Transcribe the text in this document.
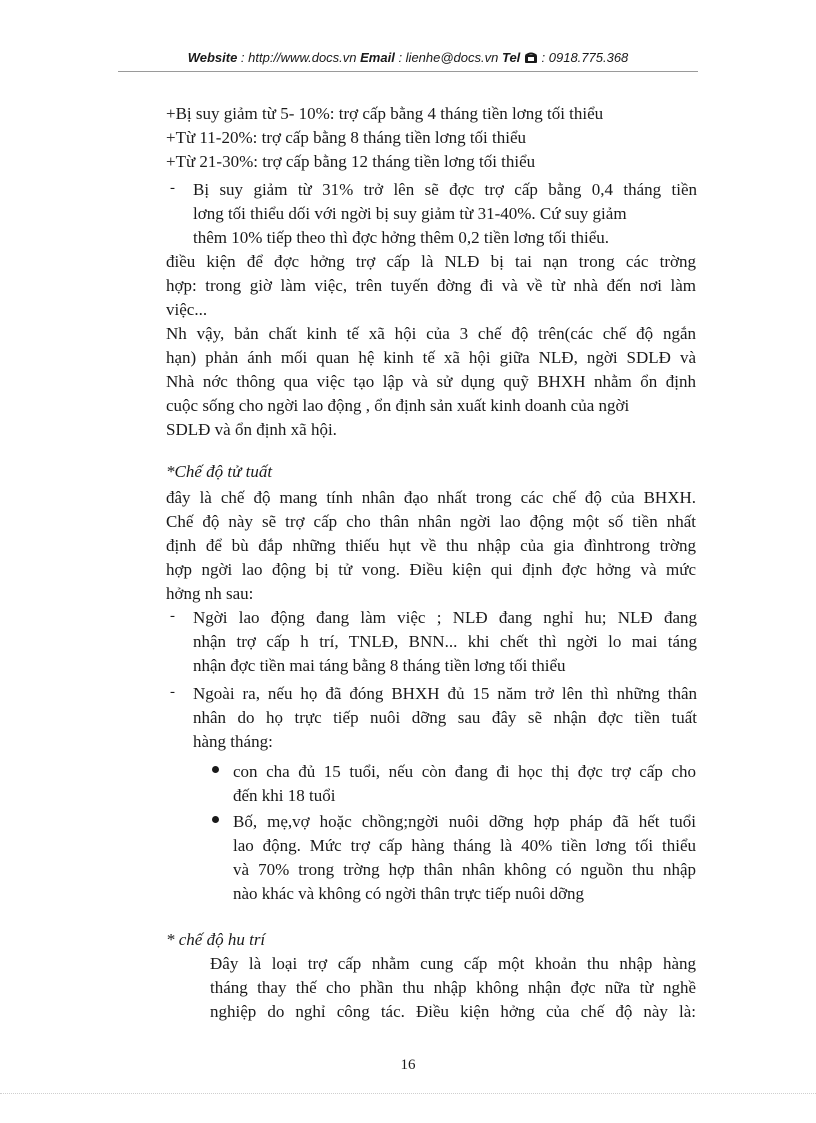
Website : http://www.docs.vn Email : lienhe@docs.vn Tel  : 0918.775.368
+Bị suy giảm từ 5- 10%: trợ cấp bằng 4 tháng tiền lơng tối thiểu
+Từ 11-20%: trợ cấp bằng 8 tháng tiền lơng tối thiểu
+Từ 21-30%: trợ cấp bằng 12 tháng tiền lơng tối thiểu
- Bị suy giảm từ 31% trở lên sẽ đợc trợ cấp bằng 0,4 tháng tiền
lơng tối thiểu dối với ngời bị suy giảm từ 31-40%. Cứ suy giảm
thêm 10% tiếp theo thì đợc hởng thêm 0,2 tiền lơng tối thiểu.
điều kiện để đợc hởng trợ cấp là NLĐ bị tai nạn trong các trờng
hợp: trong giờ làm việc, trên tuyến đờng đi và về từ nhà đến nơi làm
việc...
Nh vậy, bản chất kinh tế xã hội của 3 chế độ trên(các chế độ ngắn
hạn) phản ánh mối quan hệ kinh tế xã hội giữa NLĐ, ngời SDLĐ và
Nhà nớc thông qua việc tạo lập và sử dụng quỹ BHXH nhằm ổn định
cuộc sống cho ngời lao động , ổn định sản xuất kinh doanh của ngời
SDLĐ và ổn định xã hội.
*Chế độ tử tuất
đây là chế độ mang tính nhân đạo nhất trong các chế độ của BHXH.
Chế độ này sẽ trợ cấp cho thân nhân ngời lao động một số tiền nhất
định để bù đắp những thiếu hụt về thu nhập của gia đìnhtrong trờng
hợp ngời lao động bị tử vong. Điều kiện qui định đợc hởng và mức
hởng nh sau:
- Ngời lao động đang làm việc ; NLĐ đang nghỉ hu; NLĐ đang
nhận trợ cấp h trí, TNLĐ, BNN... khi chết thì ngời lo mai táng
nhận đợc tiền mai táng bằng 8 tháng tiền lơng tối thiểu
- Ngoài ra, nếu họ đã đóng BHXH đủ 15 năm trở lên thì những thân
nhân do họ trực tiếp nuôi dỡng sau đây sẽ nhận đợc tiền tuất
hàng tháng:
con cha đủ 15 tuổi, nếu còn đang đi học thị đợc trợ cấp cho
đến khi 18 tuổi
Bố, mẹ,vợ hoặc chồng;ngời nuôi dỡng hợp pháp đã hết tuổi
lao động. Mức trợ cấp hàng tháng là 40% tiền lơng tối thiểu
và 70% trong trờng hợp thân nhân không có nguồn thu nhập
nào khác và không có ngời thân trực tiếp nuôi dỡng
* chế độ hu trí
Đây là loại trợ cấp nhằm cung cấp một khoản thu nhập hàng
tháng thay thế cho phần thu nhập không nhận đợc nữa từ nghề
nghiệp do nghỉ công tác. Điều kiện hởng của chế độ này là:
16
